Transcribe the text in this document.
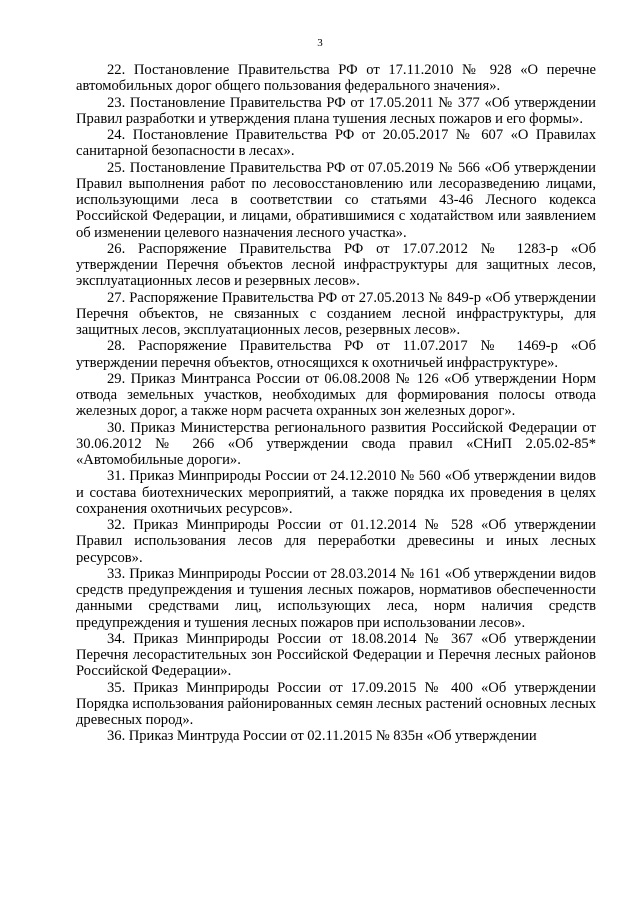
3

22. Постановление Правительства РФ от 17.11.2010 № 928 «О перечне автомобильных дорог общего пользования федерального значения».

23. Постановление Правительства РФ от 17.05.2011 № 377 «Об утверждении Правил разработки и утверждения плана тушения лесных пожаров и его формы».

24. Постановление Правительства РФ от 20.05.2017 № 607 «О Правилах санитарной безопасности в лесах».

25. Постановление Правительства РФ от 07.05.2019 № 566 «Об утверждении Правил выполнения работ по лесовосстановлению или лесоразведению лицами, использующими леса в соответствии со статьями 43-46 Лесного кодекса Российской Федерации, и лицами, обратившимися с ходатайством или заявлением об изменении целевого назначения лесного участка».

26. Распоряжение Правительства РФ от 17.07.2012 № 1283-р «Об утверждении Перечня объектов лесной инфраструктуры для защитных лесов, эксплуатационных лесов и резервных лесов».

27. Распоряжение Правительства РФ от 27.05.2013 № 849-р «Об утверждении Перечня объектов, не связанных с созданием лесной инфраструктуры, для защитных лесов, эксплуатационных лесов, резервных лесов».

28. Распоряжение Правительства РФ от 11.07.2017 № 1469-р «Об утверждении перечня объектов, относящихся к охотничьей инфраструктуре».

29. Приказ Минтранса России от 06.08.2008 № 126 «Об утверждении Норм отвода земельных участков, необходимых для формирования полосы отвода железных дорог, а также норм расчета охранных зон железных дорог».

30. Приказ Министерства регионального развития Российской Федерации от 30.06.2012 № 266 «Об утверждении свода правил «СНиП 2.05.02-85* «Автомобильные дороги».

31. Приказ Минприроды России от 24.12.2010 № 560 «Об утверждении видов и состава биотехнических мероприятий, а также порядка их проведения в целях сохранения охотничьих ресурсов».

32. Приказ Минприроды России от 01.12.2014 № 528 «Об утверждении Правил использования лесов для переработки древесины и иных лесных ресурсов».

33. Приказ Минприроды России от 28.03.2014 № 161 «Об утверждении видов средств предупреждения и тушения лесных пожаров, нормативов обеспеченности данными средствами лиц, использующих леса, норм наличия средств предупреждения и тушения лесных пожаров при использовании лесов».

34. Приказ Минприроды России от 18.08.2014 № 367 «Об утверждении Перечня лесорастительных зон Российской Федерации и Перечня лесных районов Российской Федерации».

35. Приказ Минприроды России от 17.09.2015 № 400 «Об утверждении Порядка использования районированных семян лесных растений основных лесных древесных пород».

36. Приказ Минтруда России от 02.11.2015 № 835н «Об утверждении
